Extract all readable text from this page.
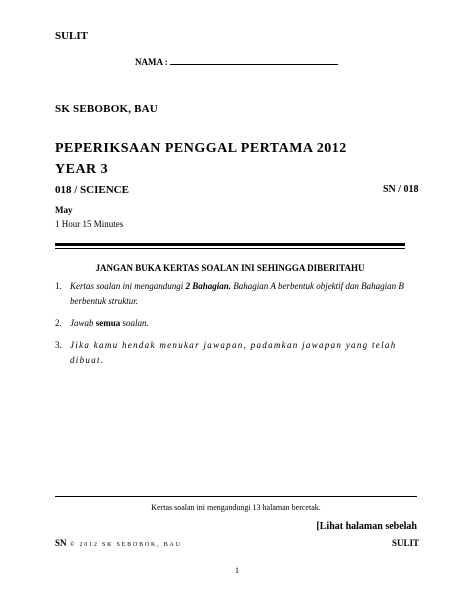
SULIT
NAMA :
SK SEBOBOK, BAU
PEPERIKSAAN PENGGAL PERTAMA 2012
YEAR 3
018 / SCIENCE	SN / 018
May
1 Hour 15 Minutes
JANGAN BUKA KERTAS SOALAN INI SEHINGGA DIBERITAHU
1. Kertas soalan ini mengandungi 2 Bahagian. Bahagian A berbentuk objektif dan Bahagian B berbentuk struktur.
2. Jawab semua soalan.
3. Jika kamu hendak menukar jawapan, padamkan jawapan yang telah dibuat.
Kertas soalan ini mengandungi 13 halaman bercetak.
[Lihat halaman sebelah
SN © 2012 SK SEBOBOK, BAU	SULIT
1
